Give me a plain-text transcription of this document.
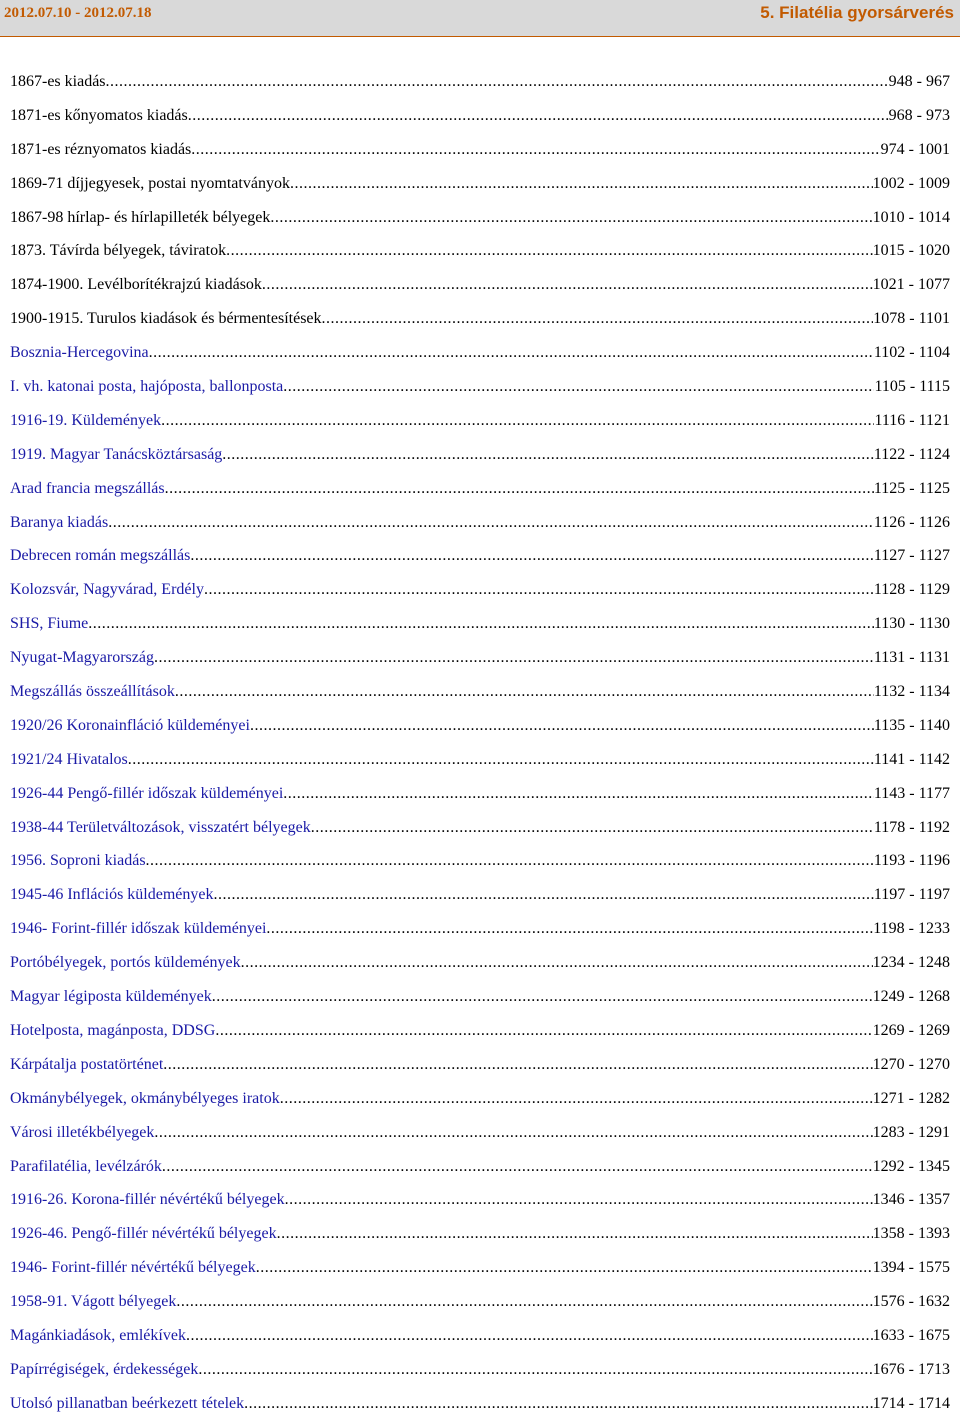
2012.07.10 - 2012.07.18	5. Filatélia gyorsárverés
1867-es kiadás .....	948 - 967
1871-es kőnyomatos kiadás .....	968 - 973
1871-es réznyomatos kiadás .....	974 - 1001
1869-71 díjjegyesek, postai nyomtatványok .....	1002 - 1009
1867-98 hírlap- és hírlapilleték bélyegek .....	1010 - 1014
1873. Távírda bélyegek, táviratok .....	1015 - 1020
1874-1900. Levélborítékrajzú kiadások .....	1021 - 1077
1900-1915. Turulos kiadások és bérmentesítések .....	1078 - 1101
Bosznia-Hercegovina .....	1102 - 1104
I. vh. katonai posta, hajóposta, ballonposta .....	1105 - 1115
1916-19. Küldemények .....	1116 - 1121
1919. Magyar Tanácsköztársaság .....	1122 - 1124
Arad francia megszállás .....	1125 - 1125
Baranya kiadás .....	1126 - 1126
Debrecen román megszállás .....	1127 - 1127
Kolozsvár, Nagyvárad, Erdély .....	1128 - 1129
SHS, Fiume .....	1130 - 1130
Nyugat-Magyarország .....	1131 - 1131
Megszállás összeállítások .....	1132 - 1134
1920/26 Koronainfláció küldeményei .....	1135 - 1140
1921/24 Hivatalos .....	1141 - 1142
1926-44 Pengő-fillér időszak küldeményei .....	1143 - 1177
1938-44 Területváltozások, visszatért bélyegek .....	1178 - 1192
1956. Soproni kiadás .....	1193 - 1196
1945-46 Inflációs küldemények .....	1197 - 1197
1946- Forint-fillér időszak küldeményei .....	1198 - 1233
Portóbélyegek, portós küldemények .....	1234 - 1248
Magyar légiposta küldemények .....	1249 - 1268
Hotelposta, magánposta, DDSG .....	1269 - 1269
Kárpátalja postatörténet .....	1270 - 1270
Okmánybélyegek, okmánybélyeges iratok .....	1271 - 1282
Városi illetékbélyegek .....	1283 - 1291
Parafilatélia, levélzárók .....	1292 - 1345
1916-26. Korona-fillér névértékű bélyegek .....	1346 - 1357
1926-46. Pengő-fillér névértékű bélyegek .....	1358 - 1393
1946- Forint-fillér névértékű bélyegek .....	1394 - 1575
1958-91. Vágott bélyegek .....	1576 - 1632
Magánkiadások, emlékívek .....	1633 - 1675
Papírrégiségek, érdekességek .....	1676 - 1713
Utolsó pillanatban beérkezett tételek .....	1714 - 1714
